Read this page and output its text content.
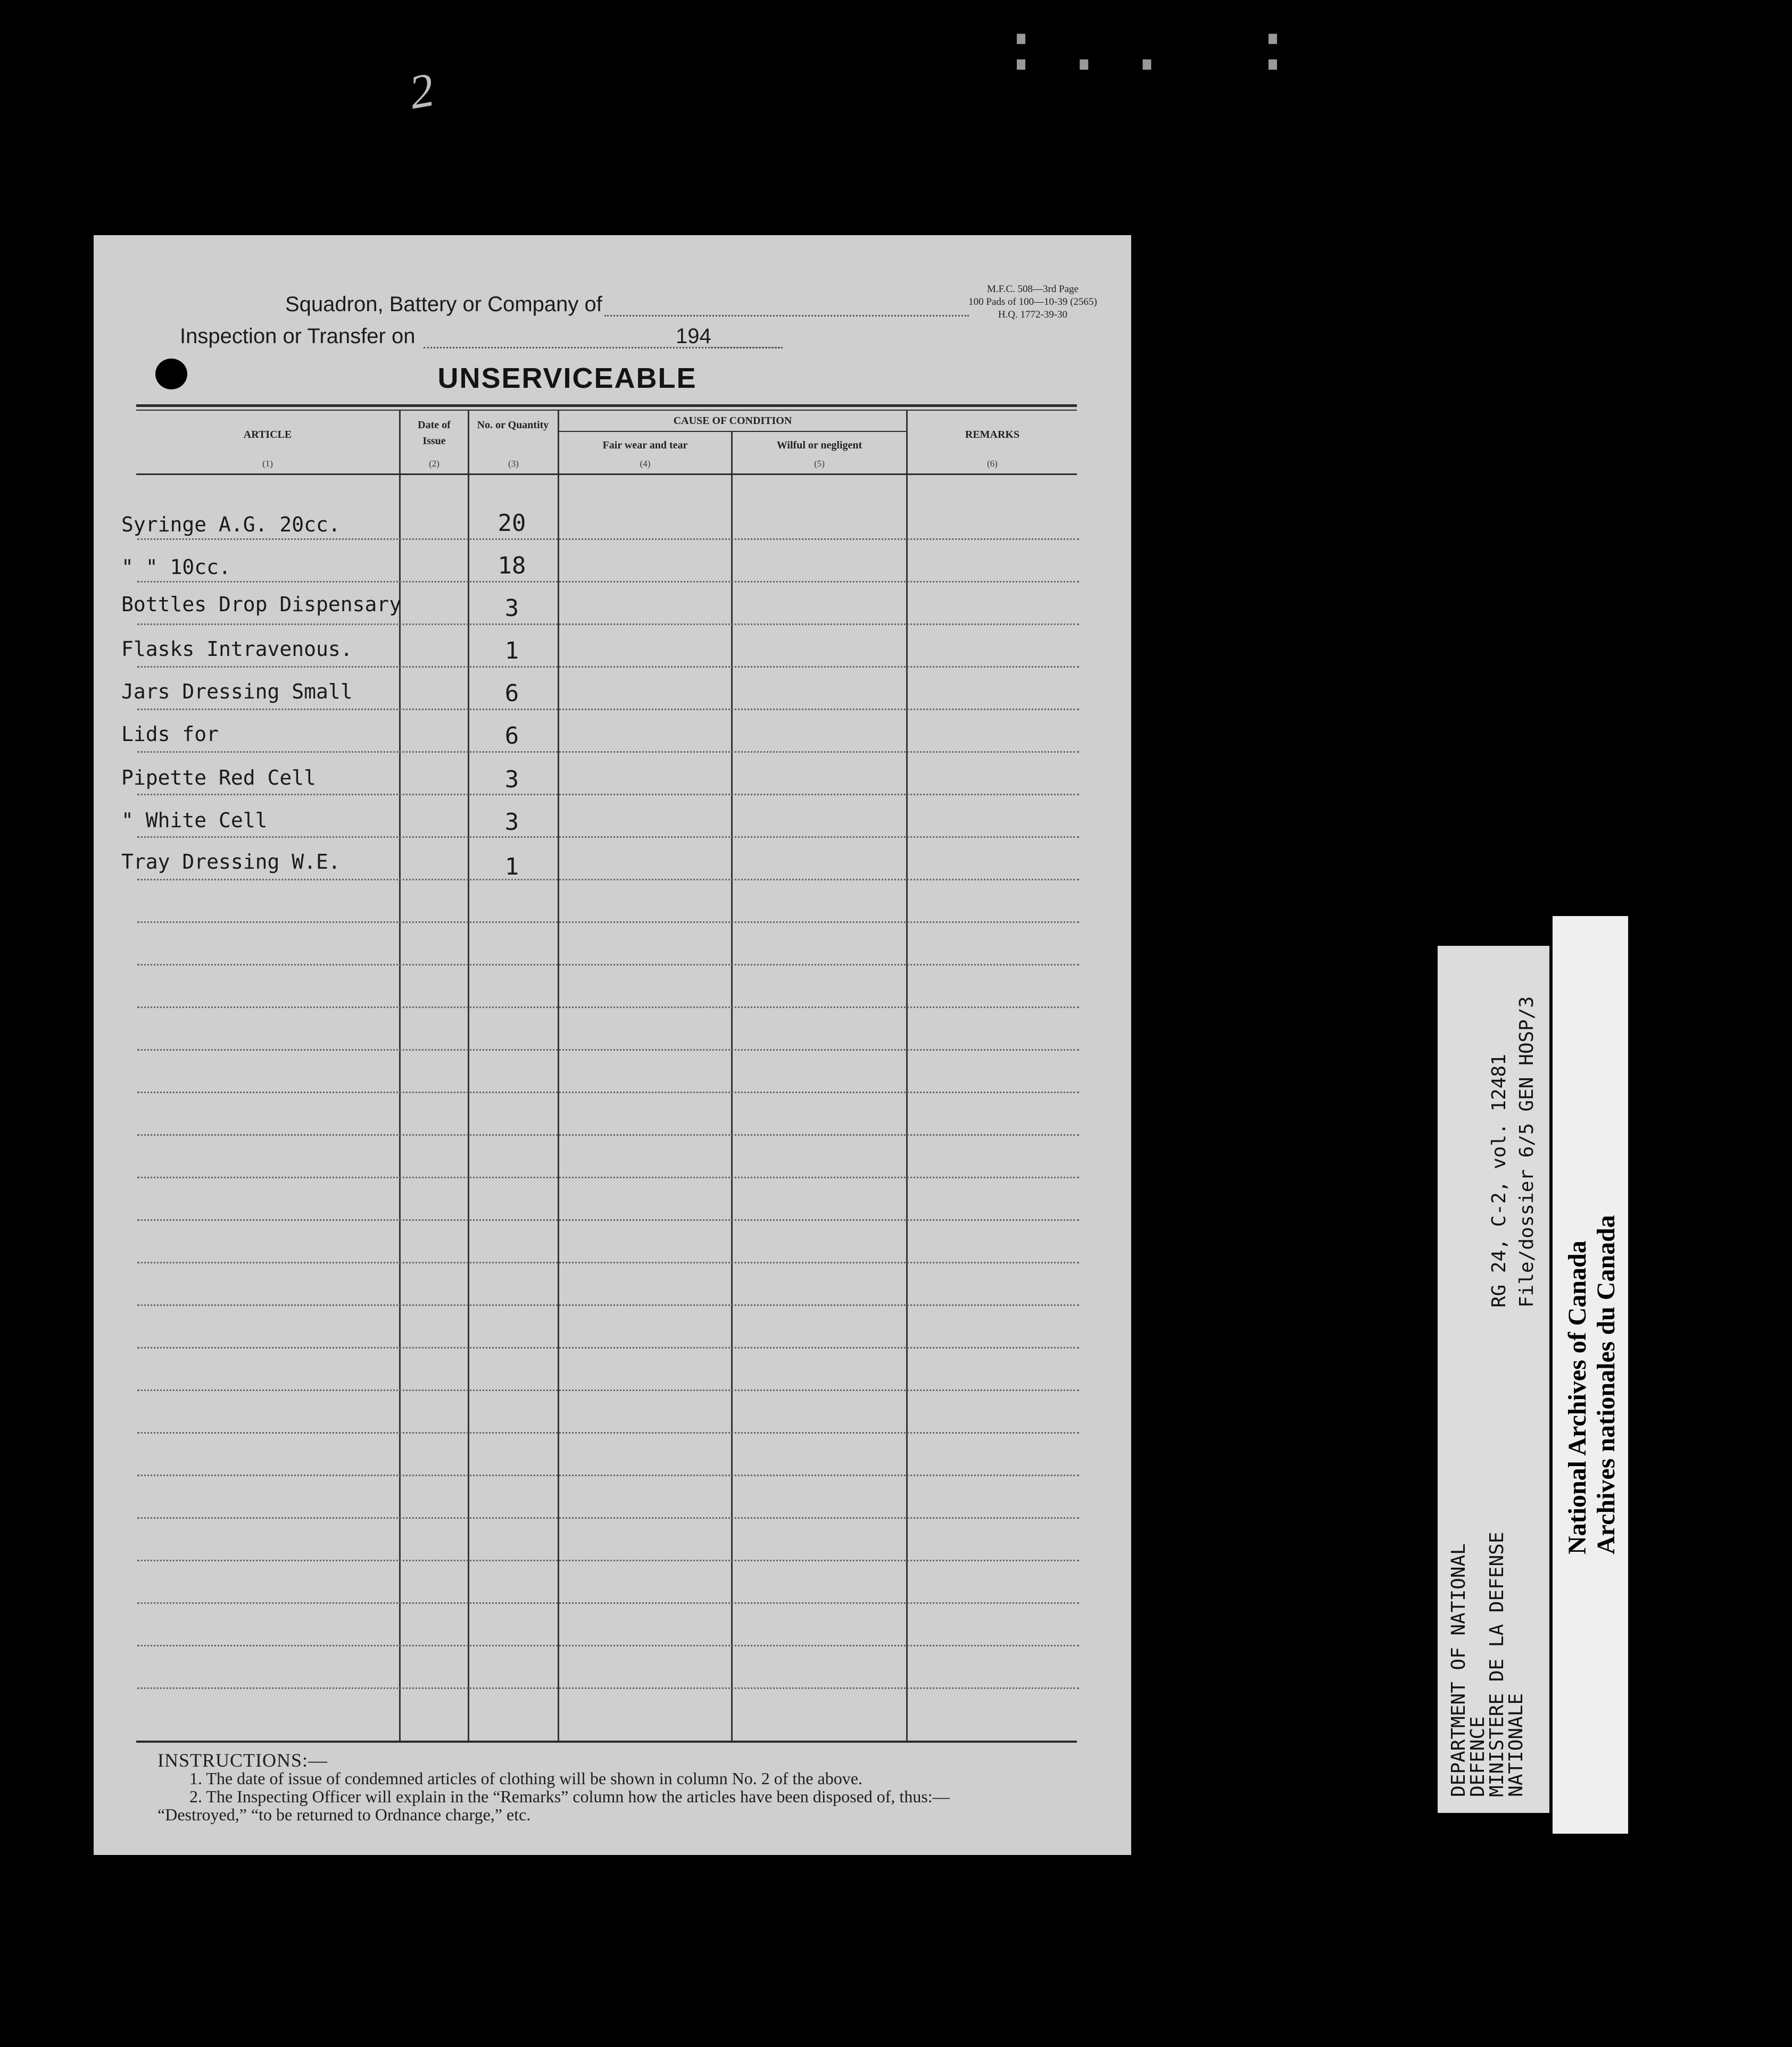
:.. :
2
M.F.C. 508—3rd Page
100 Pads of 100—10-39 (2565)
H.Q. 1772-39-30
Squadron, Battery or Company of
Inspection or Transfer on	194
UNSERVICEABLE
ARTICLE
(1)
Date of Issue
(2)
No. or Quantity
(3)
CAUSE OF CONDITION
Fair wear and tear
(4)
Wilful or negligent
(5)
REMARKS
(6)
Syringe A.G. 20cc.	20
" " 10cc.	18
Bottles Drop Dispensary	3
Flasks Intravenous.	1
Jars Dressing Small	6
Lids for	6
Pipette Red Cell	3
" White Cell	3
Tray Dressing W.E.	1
INSTRUCTIONS:—
1. The date of issue of condemned articles of clothing will be shown in column No. 2 of the above.
2. The Inspecting Officer will explain in the “Remarks” column how the articles have been disposed of, thus:—
“Destroyed,” “to be returned to Ordnance charge,” etc.
DEPARTMENT OF NATIONAL
DEFENCE
MINISTERE DE LA DEFENSE
NATIONALE
RG 24, C-2, vol. 12481 File/dossier 6/5 GEN HOSP/3
National Archives of Canada Archives nationales du Canada
